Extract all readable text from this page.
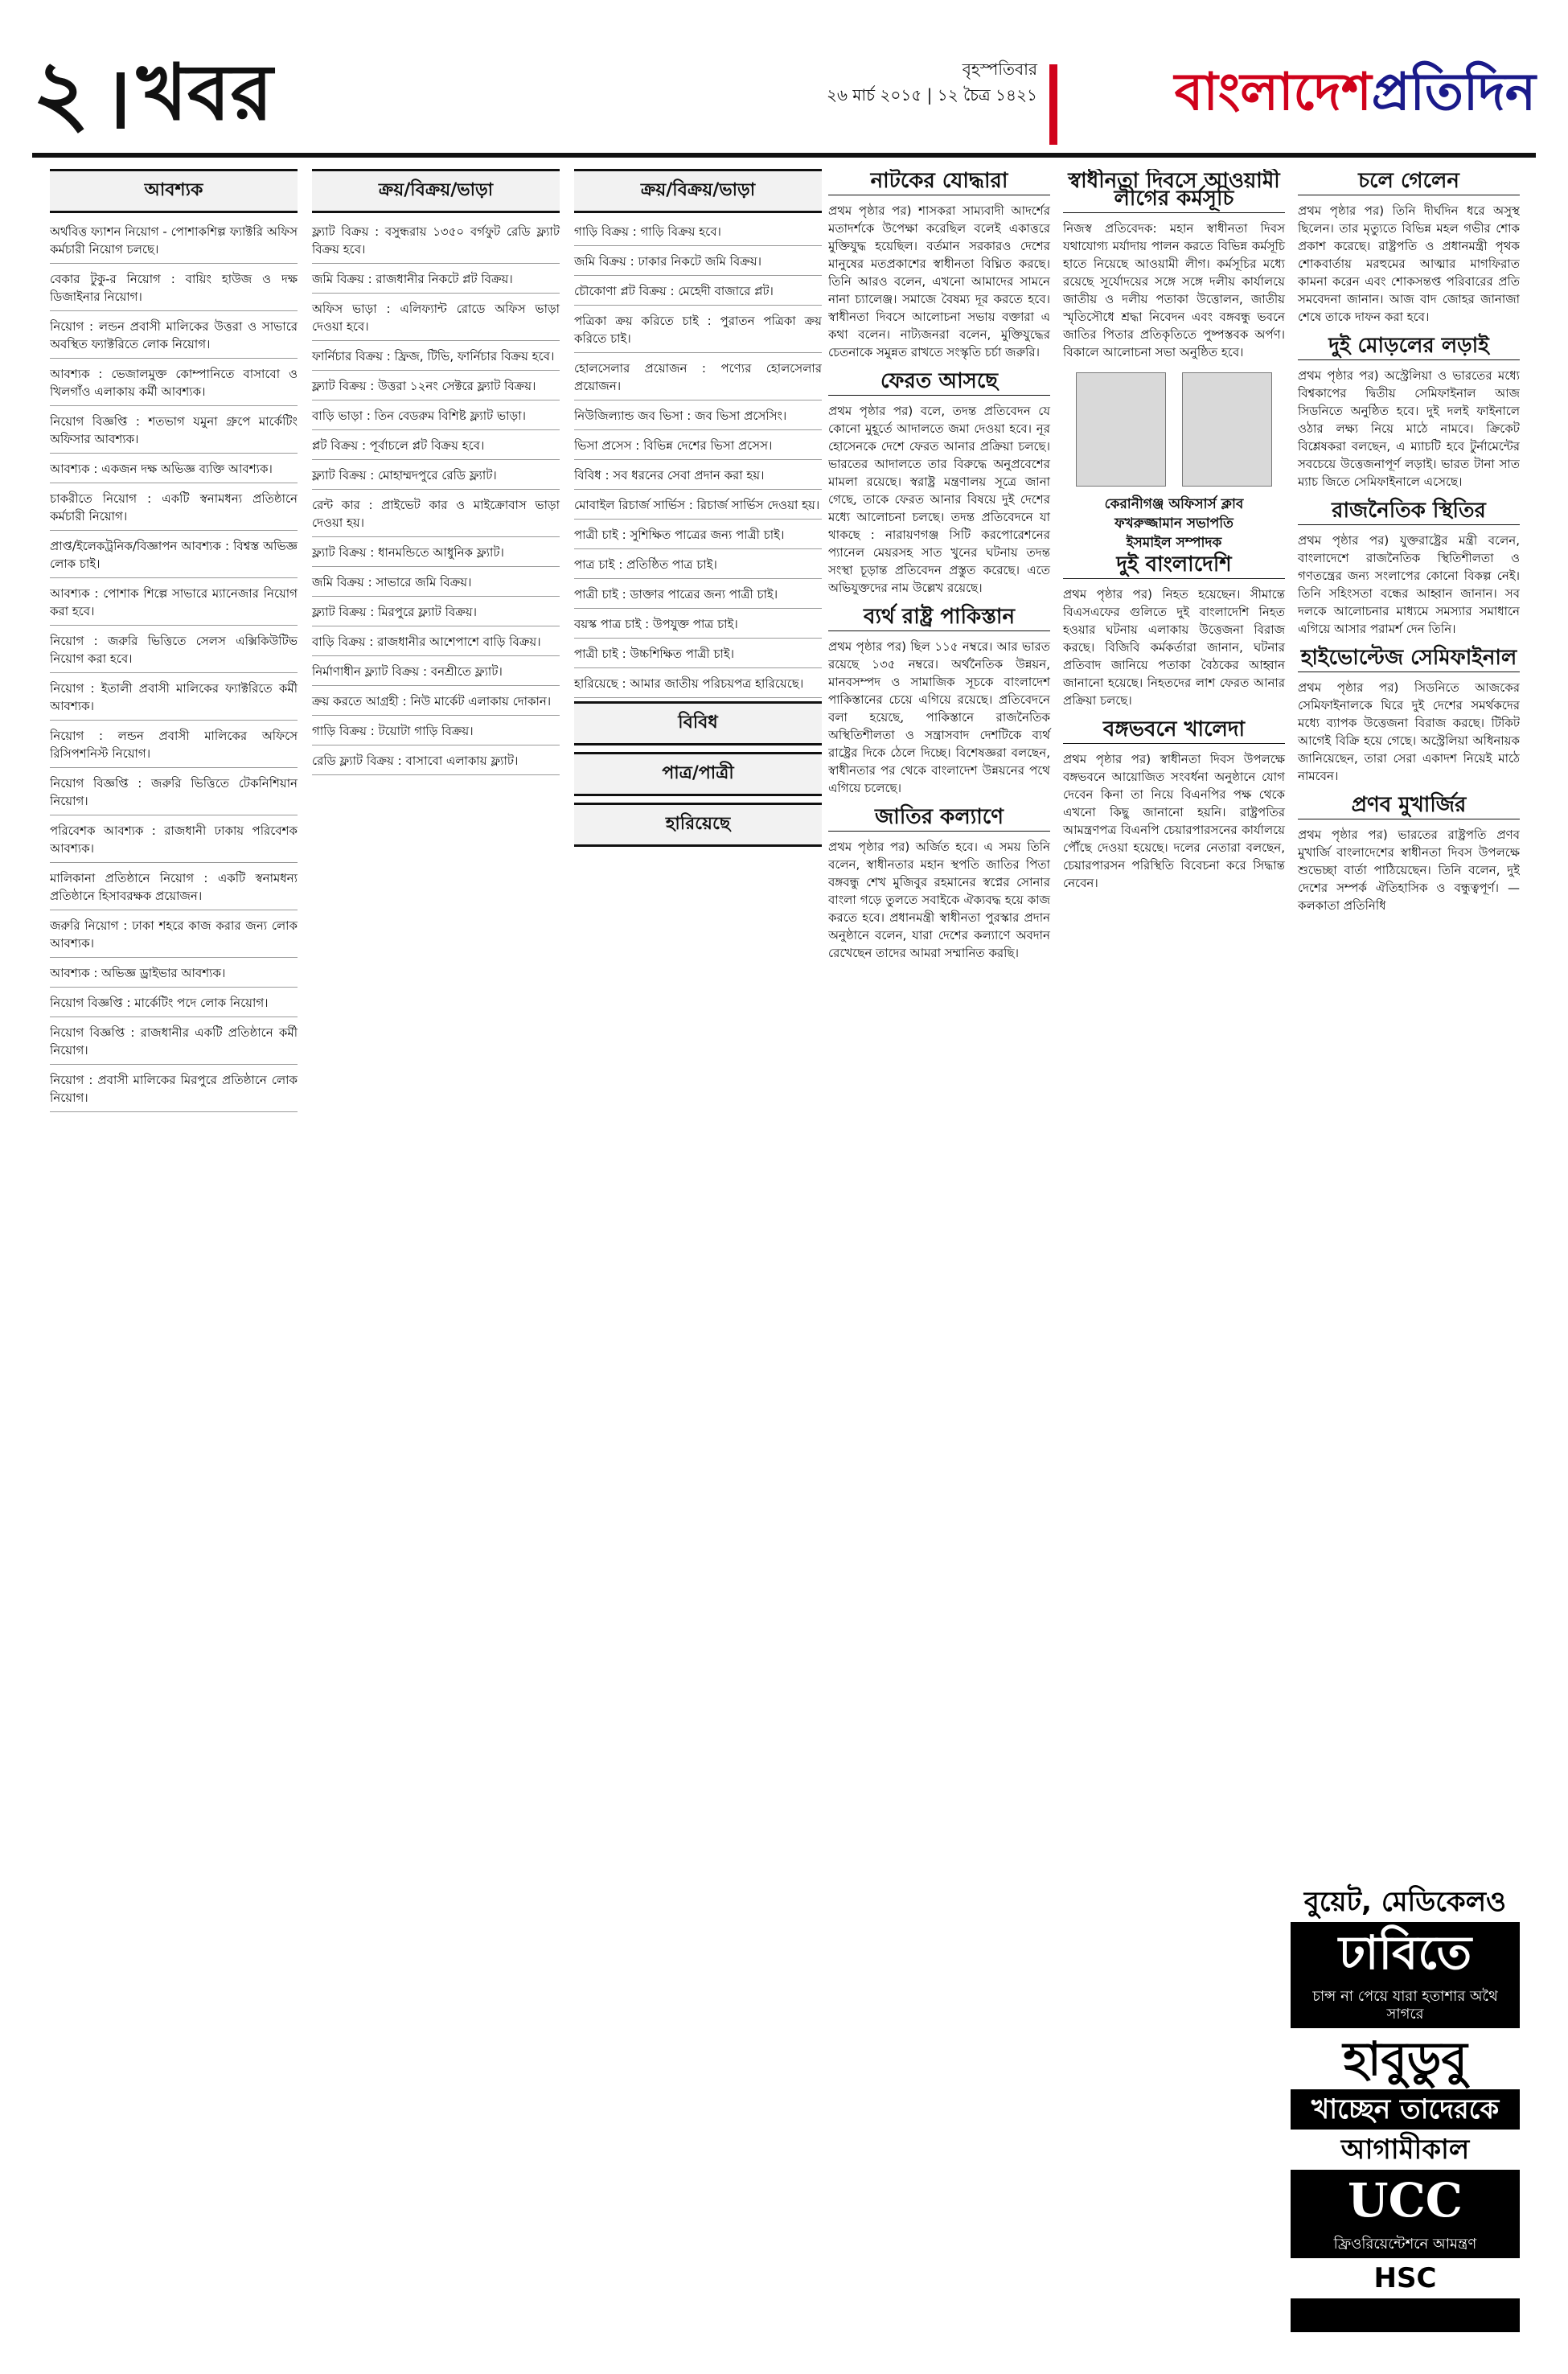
২ খবর	বৃহস্পতিবার
২৬ মার্চ ২০১৫ | ১২ চৈত্র ১৪২১	বাংলাদেশপ্রতিদিন
আবশ্যক
অর্থবিত্ত ফ্যাশন নিয়োগ - পোশাকশিল্প ফ্যাক্টরি অফিস কর্মচারী নিয়োগ চলছে।
বেকার টুকু-র নিয়োগ : বায়িং হাউজ ও দক্ষ ডিজাইনার নিয়োগ।
নিয়োগ : লন্ডন প্রবাসী মালিকের উত্তরা ও সাভারে অবস্থিত ফ্যাক্টরিতে লোক নিয়োগ।
আবশ্যক : ভেজালমুক্ত কোম্পানিতে বাসাবো ও খিলগাঁও এলাকায় কর্মী আবশ্যক।
নিয়োগ বিজ্ঞপ্তি : শতভাগ যমুনা গ্রুপে মার্কেটিং অফিসার আবশ্যক।
আবশ্যক : একজন দক্ষ অভিজ্ঞ ব্যক্তি আবশ্যক।
চাকরীতে নিয়োগ : একটি স্বনামধন্য প্রতিষ্ঠানে কর্মচারী নিয়োগ।
প্রাপ্ত/ইলেকট্রনিক/বিজ্ঞাপন আবশ্যক : বিশ্বস্ত অভিজ্ঞ লোক চাই।
আবশ্যক : পোশাক শিল্পে সাভারে ম্যানেজার নিয়োগ করা হবে।
নিয়োগ : জরুরি ভিত্তিতে সেলস এক্সিকিউটিভ নিয়োগ করা হবে।
নিয়োগ : ইতালী প্রবাসী মালিকের ফ্যাক্টরিতে কর্মী আবশ্যক।
নিয়োগ : লন্ডন প্রবাসী মালিকের অফিসে রিসিপশনিস্ট নিয়োগ।
নিয়োগ বিজ্ঞপ্তি : জরুরি ভিত্তিতে টেকনিশিয়ান নিয়োগ।
পরিবেশক আবশ্যক : রাজধানী ঢাকায় পরিবেশক আবশ্যক।
মালিকানা প্রতিষ্ঠানে নিয়োগ : একটি স্বনামধন্য প্রতিষ্ঠানে হিসাবরক্ষক প্রয়োজন।
জরুরি নিয়োগ : ঢাকা শহরে কাজ করার জন্য লোক আবশ্যক।
আবশ্যক : অভিজ্ঞ ড্রাইভার আবশ্যক।
নিয়োগ বিজ্ঞপ্তি : মার্কেটিং পদে লোক নিয়োগ।
নিয়োগ বিজ্ঞপ্তি : রাজধানীর একটি প্রতিষ্ঠানে কর্মী নিয়োগ।
নিয়োগ : প্রবাসী মালিকের মিরপুরে প্রতিষ্ঠানে লোক নিয়োগ।
ক্রয়/বিক্রয়/ভাড়া
ফ্ল্যাট বিক্রয় : বসুন্ধরায় ১৩৫০ বর্গফুট রেডি ফ্ল্যাট বিক্রয় হবে।
জমি বিক্রয় : রাজধানীর নিকটে প্লট বিক্রয়।
অফিস ভাড়া : এলিফ্যান্ট রোডে অফিস ভাড়া দেওয়া হবে।
ফার্নিচার বিক্রয় : ফ্রিজ, টিভি, ফার্নিচার বিক্রয় হবে।
ফ্ল্যাট বিক্রয় : উত্তরা ১২নং সেক্টরে ফ্ল্যাট বিক্রয়।
বাড়ি ভাড়া : তিন বেডরুম বিশিষ্ট ফ্ল্যাট ভাড়া।
প্লট বিক্রয় : পূর্বাচলে প্লট বিক্রয় হবে।
ফ্ল্যাট বিক্রয় : মোহাম্মদপুরে রেডি ফ্ল্যাট।
রেন্ট কার : প্রাইভেট কার ও মাইক্রোবাস ভাড়া দেওয়া হয়।
ফ্ল্যাট বিক্রয় : ধানমন্ডিতে আধুনিক ফ্ল্যাট।
জমি বিক্রয় : সাভারে জমি বিক্রয়।
ফ্ল্যাট বিক্রয় : মিরপুরে ফ্ল্যাট বিক্রয়।
বাড়ি বিক্রয় : রাজধানীর আশেপাশে বাড়ি বিক্রয়।
নির্মাণাধীন ফ্ল্যাট বিক্রয় : বনশ্রীতে ফ্ল্যাট।
ক্রয় করতে আগ্রহী : নিউ মার্কেট এলাকায় দোকান।
গাড়ি বিক্রয় : টয়োটা গাড়ি বিক্রয়।
রেডি ফ্ল্যাট বিক্রয় : বাসাবো এলাকায় ফ্ল্যাট।
ক্রয়/বিক্রয়/ভাড়া
গাড়ি বিক্রয় : গাড়ি বিক্রয় হবে।
জমি বিক্রয় : ঢাকার নিকটে জমি বিক্রয়।
চৌকোণা প্লট বিক্রয় : মেহেদী বাজারে প্লট।
পত্রিকা ক্রয় করিতে চাই : পুরাতন পত্রিকা ক্রয় করিতে চাই।
হোলসেলার প্রয়োজন : পণ্যের হোলসেলার প্রয়োজন।
নিউজিল্যান্ড জব ভিসা : জব ভিসা প্রসেসিং।
ভিসা প্রসেস : বিভিন্ন দেশের ভিসা প্রসেস।
বিবিধ : সব ধরনের সেবা প্রদান করা হয়।
মোবাইল রিচার্জ সার্ভিস : রিচার্জ সার্ভিস দেওয়া হয়।
পাত্রী চাই : সুশিক্ষিত পাত্রের জন্য পাত্রী চাই।
পাত্র চাই : প্রতিষ্ঠিত পাত্র চাই।
পাত্রী চাই : ডাক্তার পাত্রের জন্য পাত্রী চাই।
বয়স্ক পাত্র চাই : উপযুক্ত পাত্র চাই।
পাত্রী চাই : উচ্চশিক্ষিত পাত্রী চাই।
হারিয়েছে : আমার জাতীয় পরিচয়পত্র হারিয়েছে।
বিবিধ
পাত্র/পাত্রী
হারিয়েছে
নাটকের যোদ্ধারা
প্রথম পৃষ্ঠার পর) শাসকরা সাম্যবাদী আদর্শের মতাদর্শকে উপেক্ষা করেছিল বলেই একাত্তরে মুক্তিযুদ্ধ হয়েছিল। বর্তমান সরকারও দেশের মানুষের মতপ্রকাশের স্বাধীনতা বিঘ্নিত করছে। তিনি আরও বলেন, এখনো আমাদের সামনে নানা চ্যালেঞ্জ। সমাজে বৈষম্য দূর করতে হবে। স্বাধীনতা দিবসে আলোচনা সভায় বক্তারা এ কথা বলেন। নাট্যজনরা বলেন, মুক্তিযুদ্ধের চেতনাকে সমুন্নত রাখতে সংস্কৃতি চর্চা জরুরি।
ফেরত আসছে
প্রথম পৃষ্ঠার পর) বলে, তদন্ত প্রতিবেদন যে কোনো মুহূর্তে আদালতে জমা দেওয়া হবে। নূর হোসেনকে দেশে ফেরত আনার প্রক্রিয়া চলছে। ভারতের আদালতে তার বিরুদ্ধে অনুপ্রবেশের মামলা রয়েছে। স্বরাষ্ট্র মন্ত্রণালয় সূত্রে জানা গেছে, তাকে ফেরত আনার বিষয়ে দুই দেশের মধ্যে আলোচনা চলছে। তদন্ত প্রতিবেদনে যা থাকছে : নারায়ণগঞ্জ সিটি করপোরেশনের প্যানেল মেয়রসহ সাত খুনের ঘটনায় তদন্ত সংস্থা চূড়ান্ত প্রতিবেদন প্রস্তুত করেছে। এতে অভিযুক্তদের নাম উল্লেখ রয়েছে।
ব্যর্থ রাষ্ট্র পাকিস্তান
প্রথম পৃষ্ঠার পর) ছিল ১১৫ নম্বরে। আর ভারত রয়েছে ১৩৫ নম্বরে। অর্থনৈতিক উন্নয়ন, মানবসম্পদ ও সামাজিক সূচকে বাংলাদেশ পাকিস্তানের চেয়ে এগিয়ে রয়েছে। প্রতিবেদনে বলা হয়েছে, পাকিস্তানে রাজনৈতিক অস্থিতিশীলতা ও সন্ত্রাসবাদ দেশটিকে ব্যর্থ রাষ্ট্রের দিকে ঠেলে দিচ্ছে। বিশেষজ্ঞরা বলছেন, স্বাধীনতার পর থেকে বাংলাদেশ উন্নয়নের পথে এগিয়ে চলেছে।
জাতির কল্যাণে
প্রথম পৃষ্ঠার পর) অর্জিত হবে। এ সময় তিনি বলেন, স্বাধীনতার মহান স্থপতি জাতির পিতা বঙ্গবন্ধু শেখ মুজিবুর রহমানের স্বপ্নের সোনার বাংলা গড়ে তুলতে সবাইকে ঐক্যবদ্ধ হয়ে কাজ করতে হবে। প্রধানমন্ত্রী স্বাধীনতা পুরস্কার প্রদান অনুষ্ঠানে বলেন, যারা দেশের কল্যাণে অবদান রেখেছেন তাদের আমরা সম্মানিত করছি।
স্বাধীনতা দিবসে আওয়ামী লীগের কর্মসূচি
নিজস্ব প্রতিবেদক: মহান স্বাধীনতা দিবস যথাযোগ্য মর্যাদায় পালন করতে বিভিন্ন কর্মসূচি হাতে নিয়েছে আওয়ামী লীগ। কর্মসূচির মধ্যে রয়েছে সূর্যোদয়ের সঙ্গে সঙ্গে দলীয় কার্যালয়ে জাতীয় ও দলীয় পতাকা উত্তোলন, জাতীয় স্মৃতিসৌধে শ্রদ্ধা নিবেদন এবং বঙ্গবন্ধু ভবনে জাতির পিতার প্রতিকৃতিতে পুষ্পস্তবক অর্পণ। বিকালে আলোচনা সভা অনুষ্ঠিত হবে।
কেরানীগঞ্জ অফিসার্স ক্লাব
ফখরুজ্জামান সভাপতি
ইসমাইল সম্পাদক
দুই বাংলাদেশি
প্রথম পৃষ্ঠার পর) নিহত হয়েছেন। সীমান্তে বিএসএফের গুলিতে দুই বাংলাদেশি নিহত হওয়ার ঘটনায় এলাকায় উত্তেজনা বিরাজ করছে। বিজিবি কর্মকর্তারা জানান, ঘটনার প্রতিবাদ জানিয়ে পতাকা বৈঠকের আহ্বান জানানো হয়েছে। নিহতদের লাশ ফেরত আনার প্রক্রিয়া চলছে।
বঙ্গভবনে খালেদা
প্রথম পৃষ্ঠার পর) স্বাধীনতা দিবস উপলক্ষে বঙ্গভবনে আয়োজিত সংবর্ধনা অনুষ্ঠানে যোগ দেবেন কিনা তা নিয়ে বিএনপির পক্ষ থেকে এখনো কিছু জানানো হয়নি। রাষ্ট্রপতির আমন্ত্রণপত্র বিএনপি চেয়ারপারসনের কার্যালয়ে পৌঁছে দেওয়া হয়েছে। দলের নেতারা বলছেন, চেয়ারপারসন পরিস্থিতি বিবেচনা করে সিদ্ধান্ত নেবেন।
চলে গেলেন
প্রথম পৃষ্ঠার পর) তিনি দীর্ঘদিন ধরে অসুস্থ ছিলেন। তার মৃত্যুতে বিভিন্ন মহল গভীর শোক প্রকাশ করেছে। রাষ্ট্রপতি ও প্রধানমন্ত্রী পৃথক শোকবার্তায় মরহুমের আত্মার মাগফিরাত কামনা করেন এবং শোকসন্তপ্ত পরিবারের প্রতি সমবেদনা জানান। আজ বাদ জোহর জানাজা শেষে তাকে দাফন করা হবে।
দুই মোড়লের লড়াই
প্রথম পৃষ্ঠার পর) অস্ট্রেলিয়া ও ভারতের মধ্যে বিশ্বকাপের দ্বিতীয় সেমিফাইনাল আজ সিডনিতে অনুষ্ঠিত হবে। দুই দলই ফাইনালে ওঠার লক্ষ্য নিয়ে মাঠে নামবে। ক্রিকেট বিশ্লেষকরা বলছেন, এ ম্যাচটি হবে টুর্নামেন্টের সবচেয়ে উত্তেজনাপূর্ণ লড়াই। ভারত টানা সাত ম্যাচ জিতে সেমিফাইনালে এসেছে।
রাজনৈতিক স্থিতির
প্রথম পৃষ্ঠার পর) যুক্তরাষ্ট্রের মন্ত্রী বলেন, বাংলাদেশে রাজনৈতিক স্থিতিশীলতা ও গণতন্ত্রের জন্য সংলাপের কোনো বিকল্প নেই। তিনি সহিংসতা বন্ধের আহ্বান জানান। সব দলকে আলোচনার মাধ্যমে সমস্যার সমাধানে এগিয়ে আসার পরামর্শ দেন তিনি।
হাইভোল্টেজ সেমিফাইনাল
প্রথম পৃষ্ঠার পর) সিডনিতে আজকের সেমিফাইনালকে ঘিরে দুই দেশের সমর্থকদের মধ্যে ব্যাপক উত্তেজনা বিরাজ করছে। টিকিট আগেই বিক্রি হয়ে গেছে। অস্ট্রেলিয়া অধিনায়ক জানিয়েছেন, তারা সেরা একাদশ নিয়েই মাঠে নামবেন।
প্রণব মুখার্জির
প্রথম পৃষ্ঠার পর) ভারতের রাষ্ট্রপতি প্রণব মুখার্জি বাংলাদেশের স্বাধীনতা দিবস উপলক্ষে শুভেচ্ছা বার্তা পাঠিয়েছেন। তিনি বলেন, দুই দেশের সম্পর্ক ঐতিহাসিক ও বন্ধুত্বপূর্ণ। — কলকাতা প্রতিনিধি
বুয়েট, মেডিকেলও
ঢাবিতে
চান্স না পেয়ে যারা হতাশার অথৈ সাগরে
হাবুডুবু
খাচ্ছেন তাদেরকে
আগামীকাল
UCC
ফ্রিওরিয়েন্টেশনে আমন্ত্রণ
HSC
